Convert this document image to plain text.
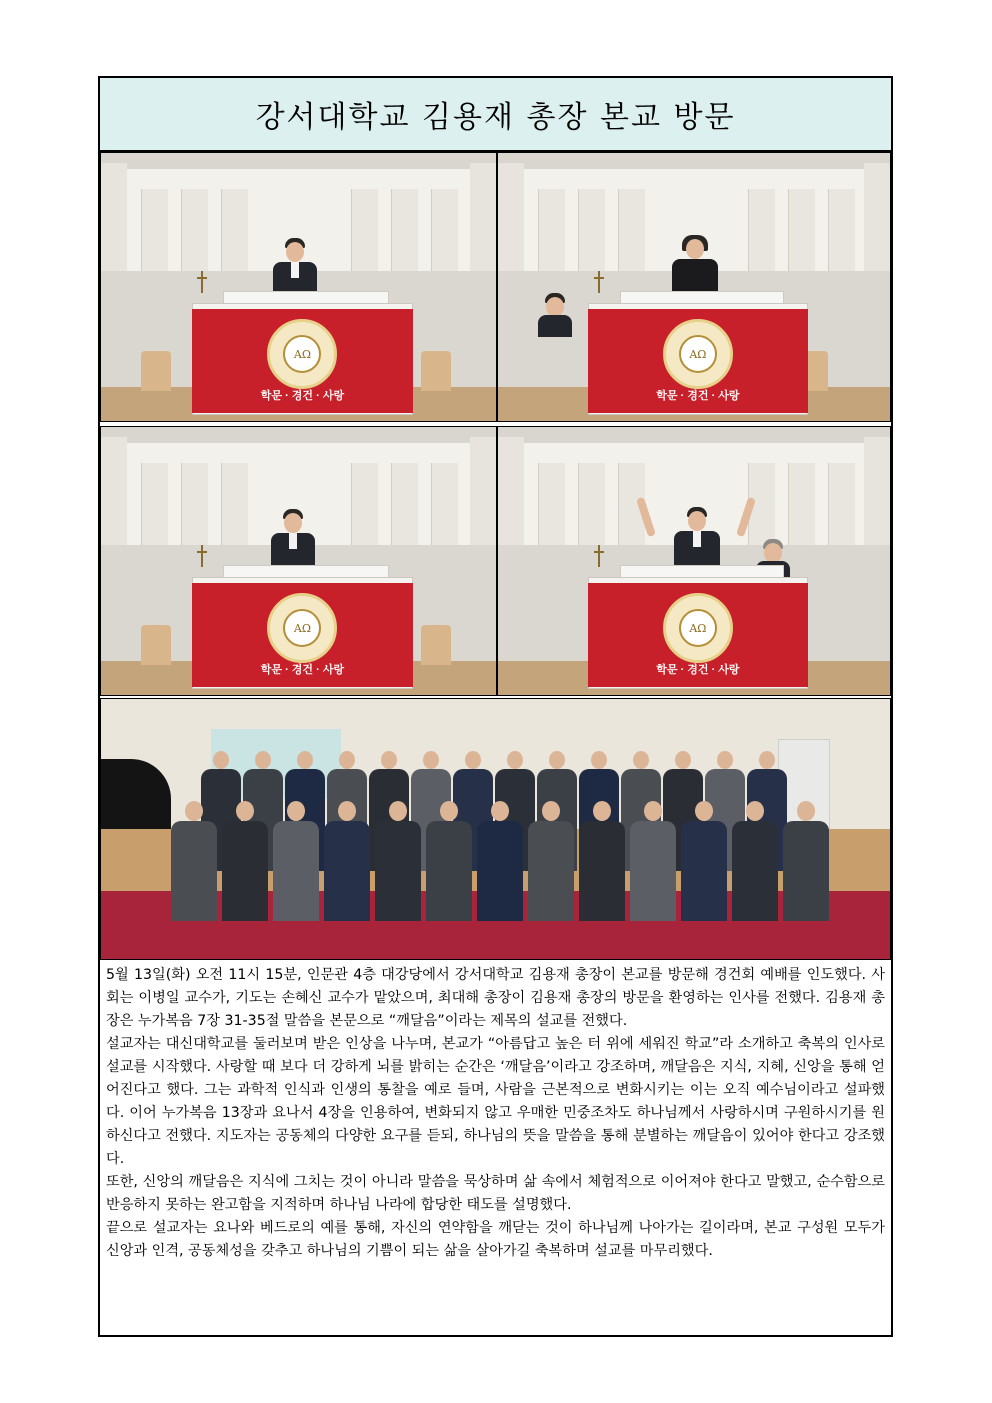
강서대학교 김용재 총장 본교 방문
AΩ
학문 · 경건 · 사랑
AΩ
학문 · 경건 · 사랑
AΩ
학문 · 경건 · 사랑
AΩ
학문 · 경건 · 사랑

5월 13일(화) 오전 11시 15분, 인문관 4층 대강당에서 강서대학교 김용재 총장이 본교를 방문해 경건회 예배를 인도했다. 사회는 이병일 교수가, 기도는 손혜신 교수가 맡았으며, 최대해 총장이 김용재 총장의 방문을 환영하는 인사를 전했다. 김용재 총장은 누가복음 7장 31-35절 말씀을 본문으로 “깨달음”이라는 제목의 설교를 전했다.

설교자는 대신대학교를 둘러보며 받은 인상을 나누며, 본교가 “아름답고 높은 터 위에 세워진 학교”라 소개하고 축복의 인사로 설교를 시작했다. 사랑할 때 보다 더 강하게 뇌를 밝히는 순간은 ‘깨달음’이라고 강조하며, 깨달음은 지식, 지혜, 신앙을 통해 얻어진다고 했다. 그는 과학적 인식과 인생의 통찰을 예로 들며, 사람을 근본적으로 변화시키는 이는 오직 예수님이라고 설파했다. 이어 누가복음 13장과 요나서 4장을 인용하여, 변화되지 않고 우매한 민중조차도 하나님께서 사랑하시며 구원하시기를 원하신다고 전했다. 지도자는 공동체의 다양한 요구를 듣되, 하나님의 뜻을 말씀을 통해 분별하는 깨달음이 있어야 한다고 강조했다.

또한, 신앙의 깨달음은 지식에 그치는 것이 아니라 말씀을 묵상하며 삶 속에서 체험적으로 이어져야 한다고 말했고, 순수함으로 반응하지 못하는 완고함을 지적하며 하나님 나라에 합당한 태도를 설명했다.

끝으로 설교자는 요나와 베드로의 예를 통해, 자신의 연약함을 깨닫는 것이 하나님께 나아가는 길이라며, 본교 구성원 모두가 신앙과 인격, 공동체성을 갖추고 하나님의 기쁨이 되는 삶을 살아가길 축복하며 설교를 마무리했다.
